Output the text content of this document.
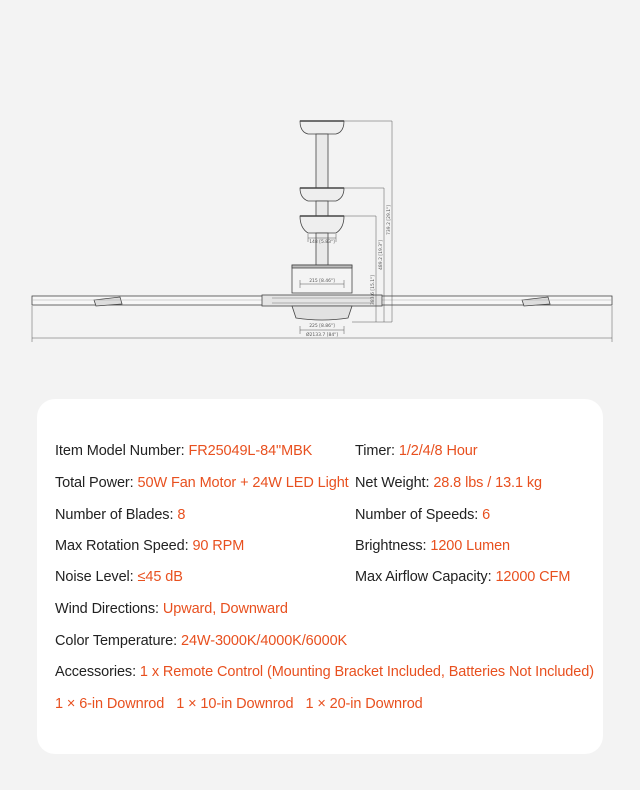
148 [5.83"]
215 [8.46"]
225 [8.86"]
Ø2133.7 [84"]
383.6 [15.1"]
489.2 [19.3"]
739.2 [29.1"]
Item Model Number: FR25049L-84"MBK	Timer: 1/2/4/8 Hour
Total Power: 50W Fan Motor + 24W LED Light Net Weight: 28.8 lbs / 13.1 kg
Number of Blades: 8	Number of Speeds: 6
Max Rotation Speed: 90 RPM	Brightness: 1200 Lumen
Noise Level: ≤45 dB	Max Airflow Capacity: 12000 CFM
Wind Directions: Upward, Downward
Color Temperature: 24W-3000K/4000K/6000K
Accessories: 1 x Remote Control (Mounting Bracket Included, Batteries Not Included)
1 × 6-in Downrod 1 × 10-in Downrod 1 × 20-in Downrod
